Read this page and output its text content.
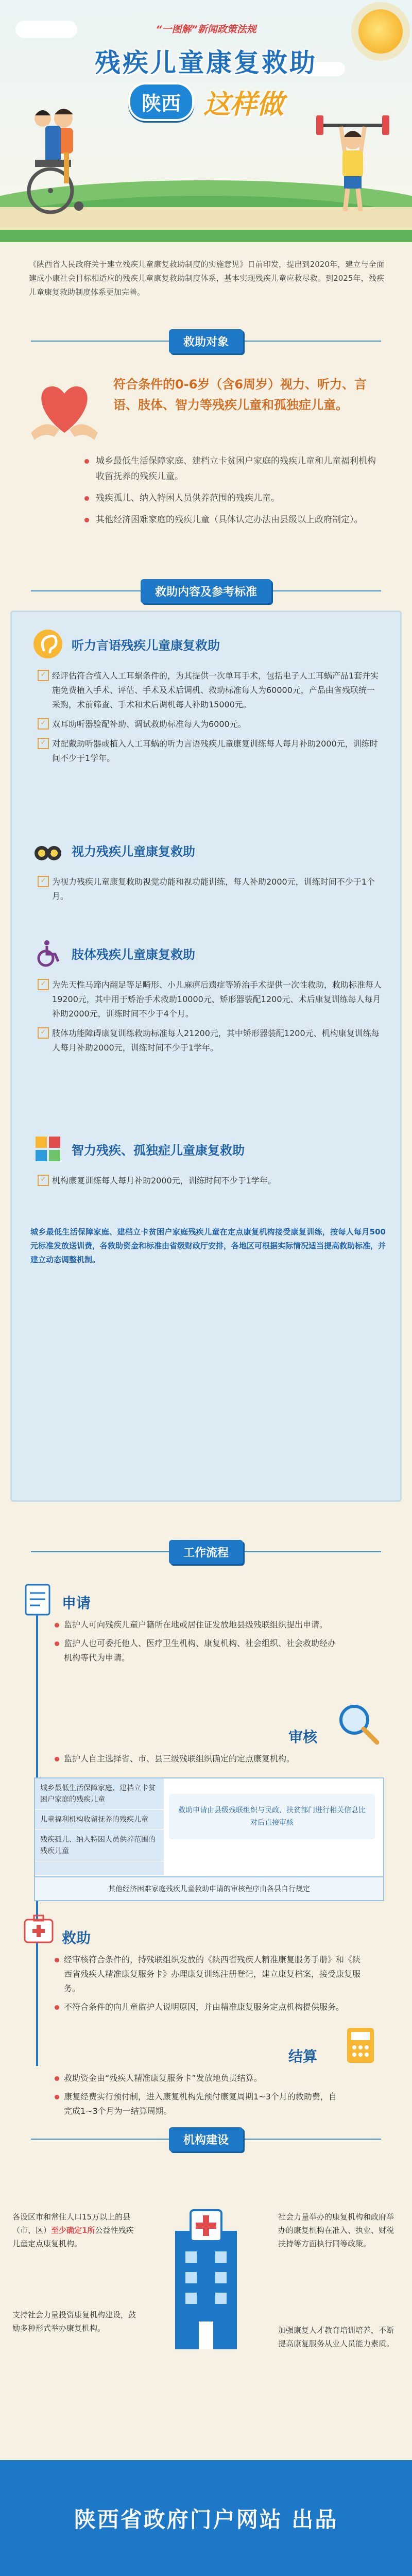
“一图解”新闻政策法规
残疾儿童康复救助
陕西 这样做
《陕西省人民政府关于建立残疾儿童康复救助制度的实施意见》日前印发，提出到2020年，建立与全面建成小康社会目标相适应的残疾儿童康复救助制度体系，基本实现残疾儿童应救尽救。到2025年，残疾儿童康复救助制度体系更加完善。
救助对象
符合条件的0-6岁（含6周岁）视力、听力、言语、肢体、智力等残疾儿童和孤独症儿童。
城乡最低生活保障家庭、建档立卡贫困户家庭的残疾儿童和儿童福利机构收留抚养的残疾儿童。
残疾孤儿、纳入特困人员供养范围的残疾儿童。
其他经济困难家庭的残疾儿童（具体认定办法由县级以上政府制定）。
救助内容及参考标准
听力言语残疾儿童康复救助
✓ 经评估符合植入人工耳蜗条件的，为其提供一次单耳手术，包括电子人工耳蜗产品1套并实施免费植入手术、评估、手术及术后调机、救助标准每人为60000元，产品由省残联统一采购，术前筛查、手术和术后调机每人补助15000元。
✓ 双耳助听器验配补助、调试救助标准每人为6000元。
✓ 对配戴助听器或植入人工耳蜗的听力言语残疾儿童康复训练每人每月补助2000元，训练时间不少于1学年。
视力残疾儿童康复救助
✓ 为视力残疾儿童康复救助视觉功能和视功能训练，每人补助2000元，训练时间不少于1个月。
肢体残疾儿童康复救助
✓ 为先天性马蹄内翻足等足畸形、小儿麻痹后遗症等矫治手术提供一次性救助，救助标准每人19200元，其中用于矫治手术救助10000元、矫形器装配1200元、术后康复训练每人每月补助2000元，训练时间不少于4个月。
✓ 肢体功能障碍康复训练救助标准每人21200元，其中矫形器装配1200元、机构康复训练每人每月补助2000元，训练时间不少于1学年。
智力残疾、孤独症儿童康复救助
✓ 机构康复训练每人每月补助2000元，训练时间不少于1学年。
城乡最低生活保障家庭、建档立卡贫困户家庭残疾儿童在定点康复机构接受康复训练，按每人每月500元标准发放送训费，各救助资金和标准由省级财政厅安排，各地区可根据实际情况适当提高救助标准，并建立动态调整机制。
工作流程
申请
监护人可向残疾儿童户籍所在地或居住证发放地县级残联组织提出申请。
监护人也可委托他人、医疗卫生机构、康复机构、社会组织、社会救助经办机构等代为申请。
审核
监护人自主选择省、市、县三级残联组织确定的定点康复机构。
城乡最低生活保障家庭、建档立卡贫困户家庭的残疾儿童
儿童福利机构收留抚养的残疾儿童
残疾孤儿、纳入特困人员供养范围的残疾儿童
救助申请由县级残联组织与民政、扶贫部门进行相关信息比对后直接审核
其他经济困难家庭残疾儿童救助申请的审核程序由各县自行规定
救助
经审核符合条件的，持残联组织发放的《陕西省残疾人精准康复服务手册》和《陕西省残疾人精准康复服务卡》办理康复训练注册登记，建立康复档案，接受康复服务。
不符合条件的向儿童监护人说明原因，并由精准康复服务定点机构提供服务。
结算
救助资金由“残疾人精准康复服务卡”发放地负责结算。
康复经费实行预付制，进入康复机构先预付康复周期1~3个月的救助费，自完成1~3个月为一结算周期。
机构建设
各设区市和常住人口15万以上的县（市、区）至少确定1所公益性残疾儿童定点康复机构。
支持社会力量投资康复机构建设，鼓励多种形式举办康复机构。
社会力量举办的康复机构和政府举办的康复机构在准入、执业、财税扶持等方面执行同等政策。
加强康复人才教育培训培养，不断提高康复服务从业人员能力素质。
陕西省政府门户网站 出品
